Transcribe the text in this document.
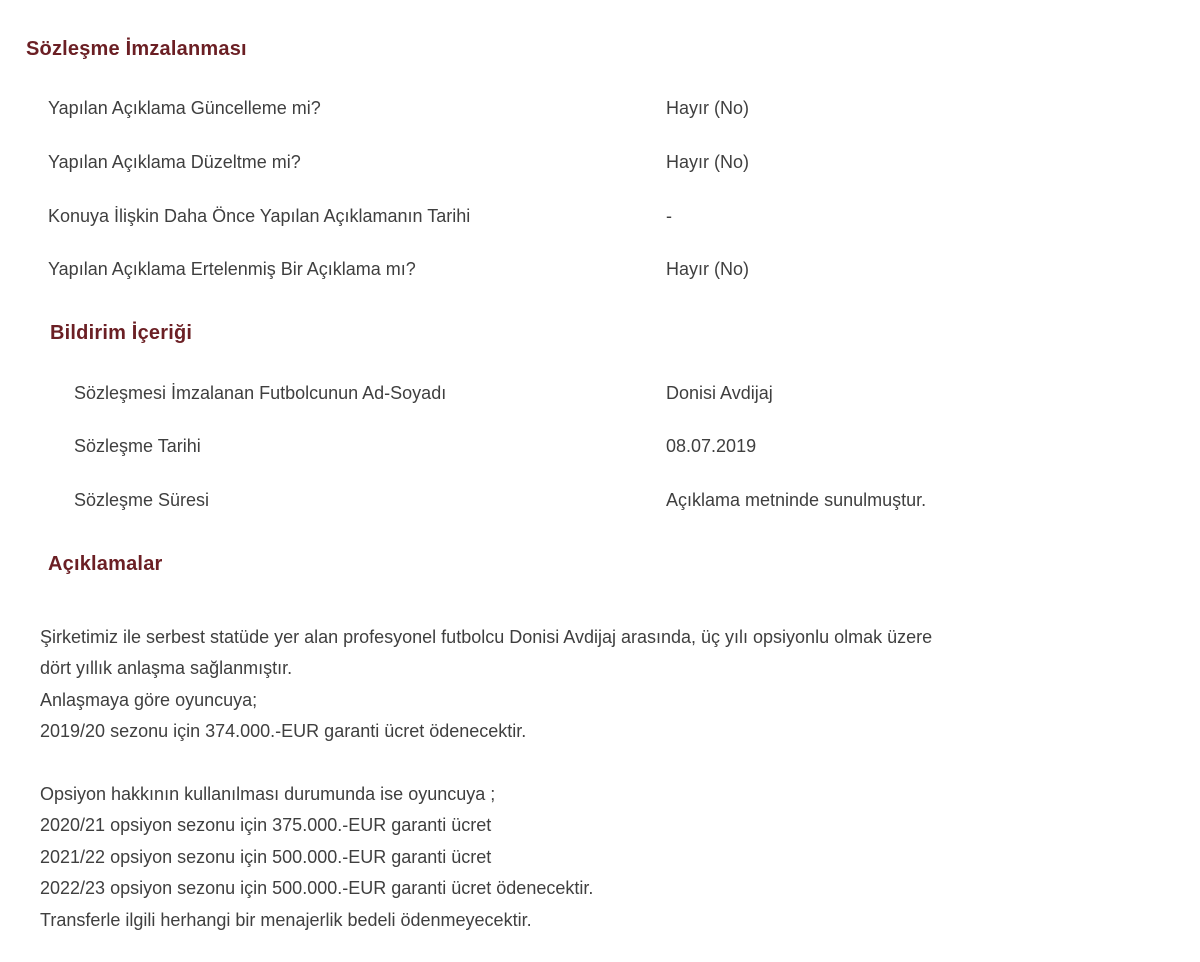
Sözleşme İmzalanması
Yapılan Açıklama Güncelleme mi?	Hayır (No)
Yapılan Açıklama Düzeltme mi?	Hayır (No)
Konuya İlişkin Daha Önce Yapılan Açıklamanın Tarihi	-
Yapılan Açıklama Ertelenmiş Bir Açıklama mı?	Hayır (No)
Bildirim İçeriği
Sözleşmesi İmzalanan Futbolcunun Ad-Soyadı	Donisi Avdijaj
Sözleşme Tarihi	08.07.2019
Sözleşme Süresi	Açıklama metninde sunulmuştur.
Açıklamalar
Şirketimiz ile serbest statüde yer alan profesyonel futbolcu Donisi Avdijaj arasında, üç yılı opsiyonlu olmak üzere
dört yıllık anlaşma sağlanmıştır.
Anlaşmaya göre oyuncuya;
2019/20 sezonu için 374.000.-EUR garanti ücret ödenecektir.
Opsiyon hakkının kullanılması durumunda ise oyuncuya ;
2020/21 opsiyon sezonu için 375.000.-EUR garanti ücret
2021/22 opsiyon sezonu için 500.000.-EUR garanti ücret
2022/23 opsiyon sezonu için 500.000.-EUR garanti ücret ödenecektir.
Transferle ilgili herhangi bir menajerlik bedeli ödenmeyecektir.
